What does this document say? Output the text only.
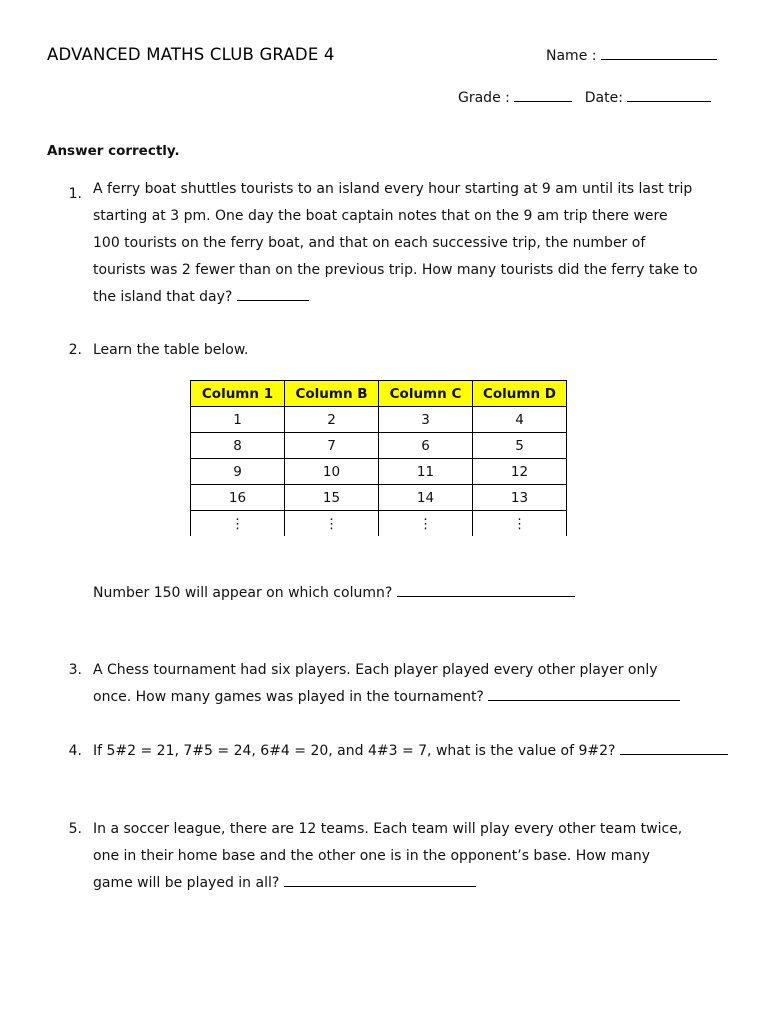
ADVANCED MATHS CLUB GRADE 4	Name :
Grade :	Date:
Answer correctly.
1. A ferry boat shuttles tourists to an island every hour starting at 9 am until its last trip
starting at 3 pm. One day the boat captain notes that on the 9 am trip there were
100 tourists on the ferry boat, and that on each successive trip, the number of
tourists was 2 fewer than on the previous trip. How many tourists did the ferry take to
the island that day?
2. Learn the table below.
Column 1	Column B	Column C	Column D
1	2	3	4
8	7	6	5
9	10	11	12
16	15	14	13
⋮	⋮	⋮	⋮
Number 150 will appear on which column?
3. A Chess tournament had six players. Each player played every other player only
once. How many games was played in the tournament?
4. If 5#2 = 21, 7#5 = 24, 6#4 = 20, and 4#3 = 7, what is the value of 9#2?
5. In a soccer league, there are 12 teams. Each team will play every other team twice,
one in their home base and the other one is in the opponent’s base. How many
game will be played in all?
